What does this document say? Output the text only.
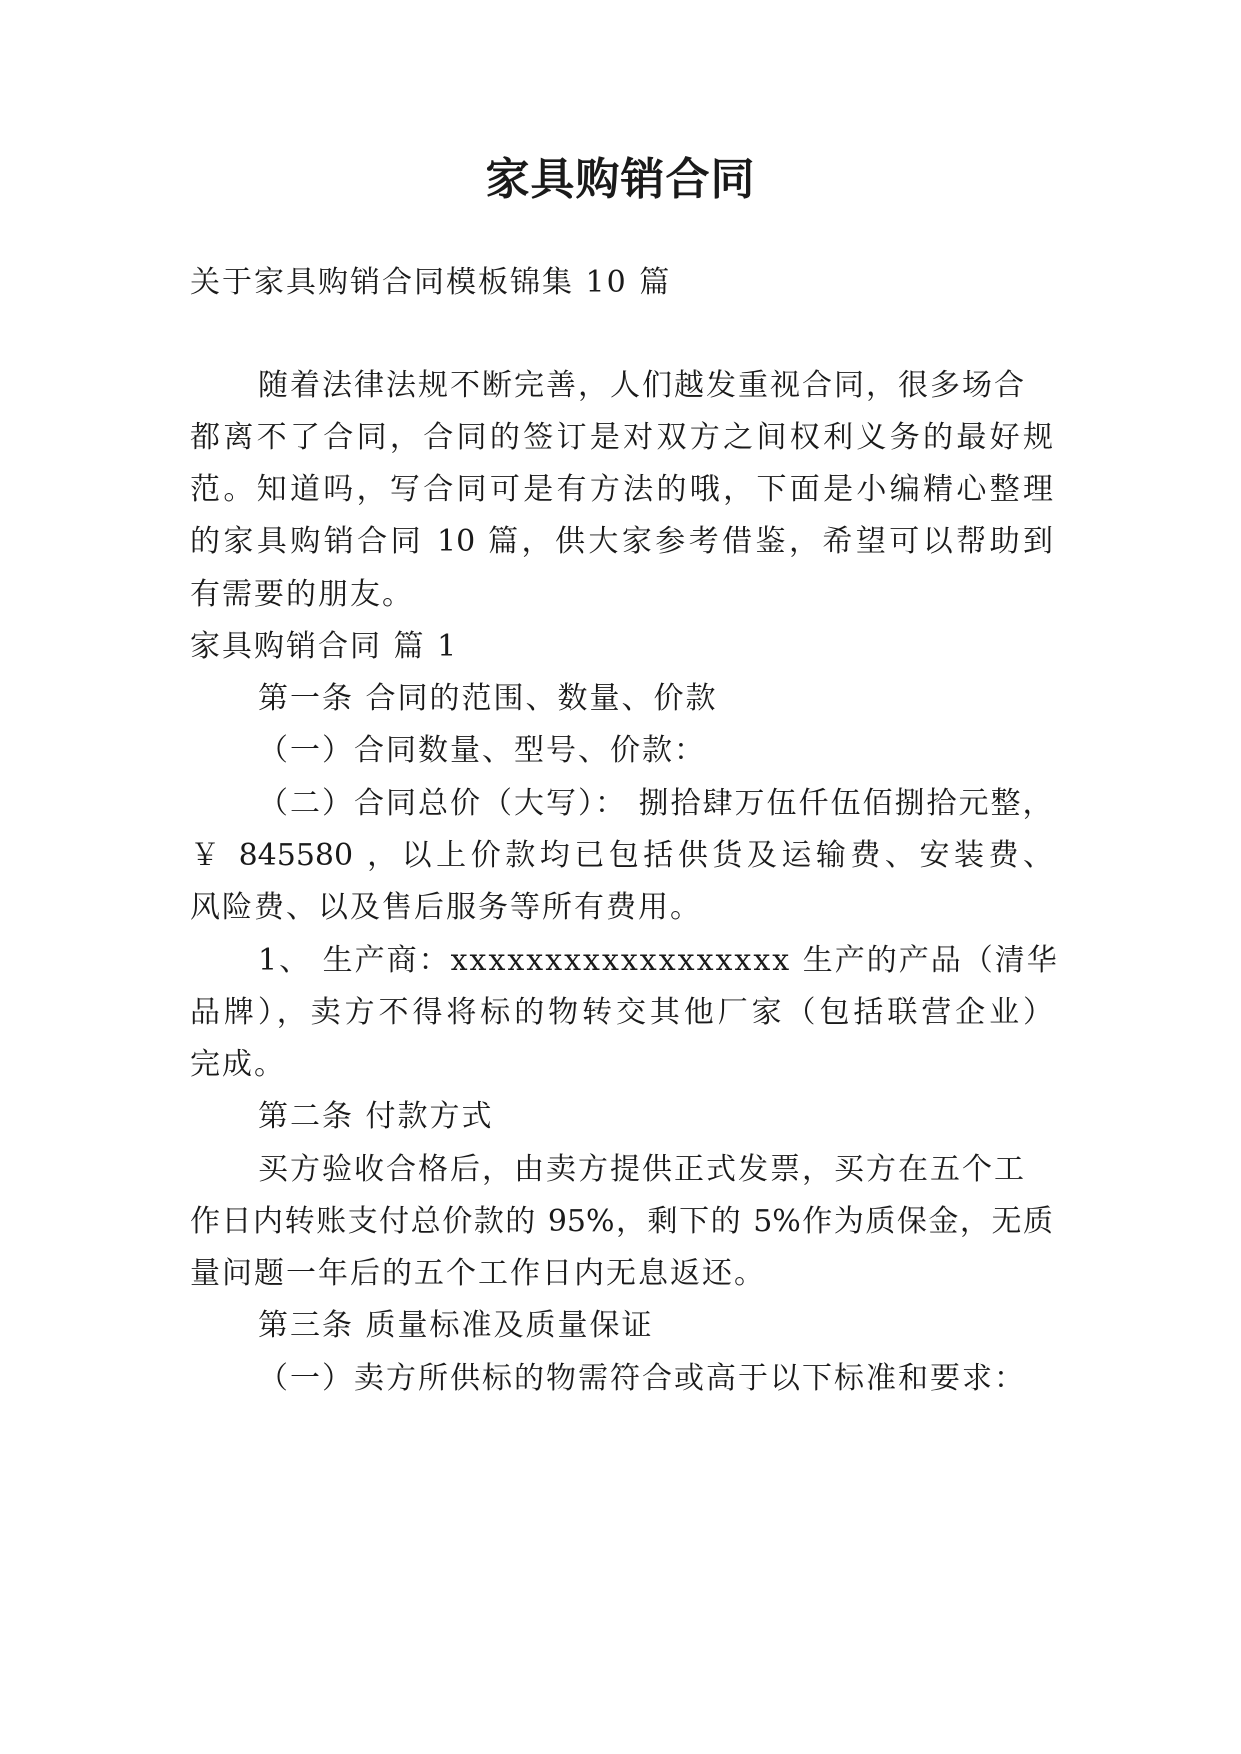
家具购销合同
关于家具购销合同模板锦集 10 篇
随着法律法规不断完善，人们越发重视合同，很多场合
都离不了合同，合同的签订是对双方之间权利义务的最好规
范。知道吗，写合同可是有方法的哦，下面是小编精心整理
的家具购销合同 10 篇，供大家参考借鉴，希望可以帮助到
有需要的朋友。
家具购销合同 篇 1
第一条 合同的范围、数量、价款
（一）合同数量、型号、价款：
（二）合同总价（大写）： 捌拾肆万伍仟伍佰捌拾元整，
￥ 845580 ，以上价款均已包括供货及运输费、安装费、
风险费、以及售后服务等所有费用。
1、 生产商：xxxxxxxxxxxxxxxxxx 生产的产品（清华
品牌），卖方不得将标的物转交其他厂家（包括联营企业）
完成。
第二条 付款方式
买方验收合格后，由卖方提供正式发票，买方在五个工
作日内转账支付总价款的 95%，剩下的 5%作为质保金，无质
量问题一年后的五个工作日内无息返还。
第三条 质量标准及质量保证
（一）卖方所供标的物需符合或高于以下标准和要求：
